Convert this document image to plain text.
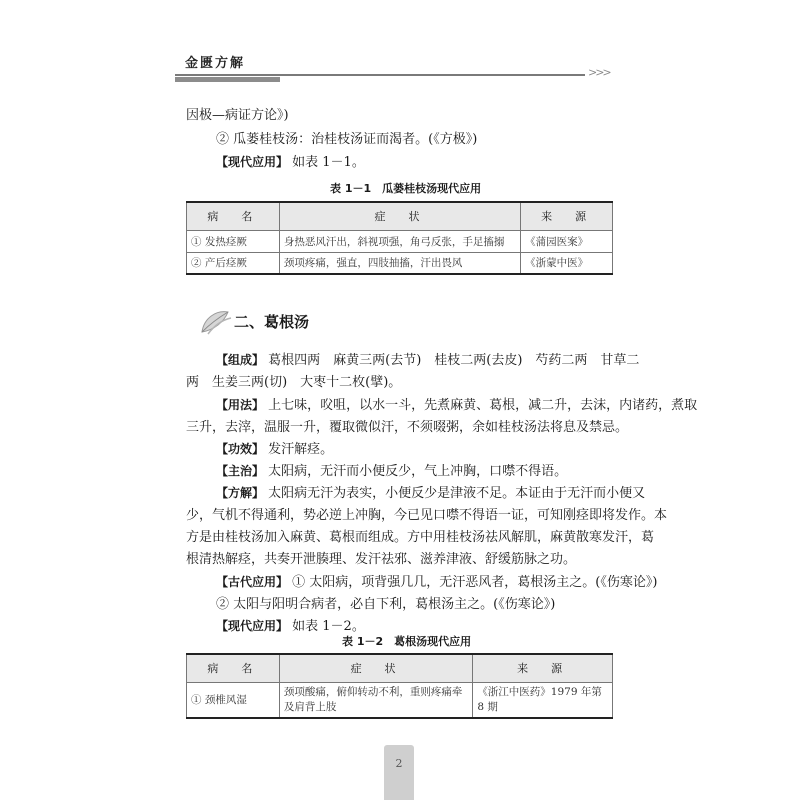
金匮方解
>>>
因极—病证方论》)
② 瓜蒌桂枝汤：治桂枝汤证而渴者。(《方极》)
【现代应用】 如表 1－1。
表 1－1　瓜蒌桂枝汤现代应用
病　名	症　状	来　源
① 发热痉厥	身热恶风汗出，斜视项强，角弓反张，手足搐搦	《蒲园医案》
② 产后痉厥	颈项疼痛，强直，四肢抽搐，汗出畏风	《浙蒙中医》
二、葛根汤
【组成】 葛根四两　麻黄三两(去节)　桂枝二两(去皮)　芍药二两　甘草二
两　生姜三两(切)　大枣十二枚(擘)。
【用法】 上七味，㕮咀，以水一斗，先煮麻黄、葛根，减二升，去沫，内诸药，煮取
三升，去滓，温服一升，覆取微似汗，不须啜粥，余如桂枝汤法将息及禁忌。
【功效】 发汗解痉。
【主治】 太阳病，无汗而小便反少，气上冲胸，口噤不得语。
【方解】 太阳病无汗为表实，小便反少是津液不足。本证由于无汗而小便又
少，气机不得通利，势必逆上冲胸，今已见口噤不得语一证，可知刚痉即将发作。本
方是由桂枝汤加入麻黄、葛根而组成。方中用桂枝汤祛风解肌，麻黄散寒发汗，葛
根清热解痉，共奏开泄腠理、发汗祛邪、滋养津液、舒缓筋脉之功。
【古代应用】 ① 太阳病，项背强几几，无汗恶风者，葛根汤主之。(《伤寒论》)
② 太阳与阳明合病者，必自下利，葛根汤主之。(《伤寒论》)
【现代应用】 如表 1－2。
表 1－2　葛根汤现代应用
病　名	症　状	来　源
① 颈椎风湿	颈项酸痛，俯仰转动不利，重则疼痛牵及肩背上肢	《浙江中医药》1979 年第 8 期
2
